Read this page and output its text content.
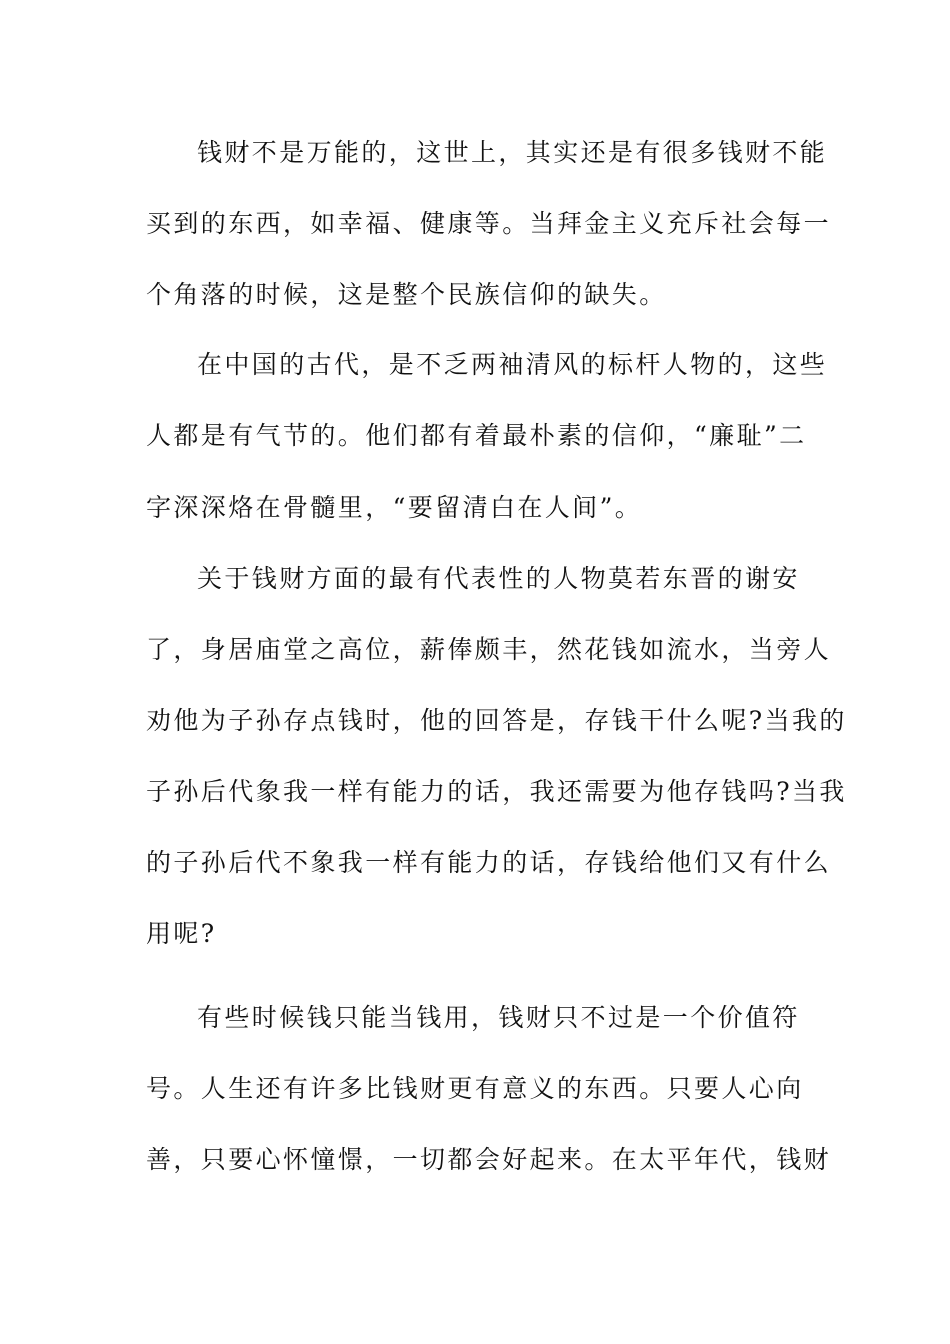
钱财不是万能的，这世上，其实还是有很多钱财不能
买到的东西，如幸福、健康等。当拜金主义充斥社会每一
个角落的时候，这是整个民族信仰的缺失。
在中国的古代，是不乏两袖清风的标杆人物的，这些
人都是有气节的。他们都有着最朴素的信仰，“廉耻”二
字深深烙在骨髓里，“要留清白在人间”。
关于钱财方面的最有代表性的人物莫若东晋的谢安
了，身居庙堂之高位，薪俸颇丰，然花钱如流水，当旁人
劝他为子孙存点钱时，他的回答是，存钱干什么呢?当我的
子孙后代象我一样有能力的话，我还需要为他存钱吗?当我
的子孙后代不象我一样有能力的话，存钱给他们又有什么
用呢?
有些时候钱只能当钱用，钱财只不过是一个价值符
号。人生还有许多比钱财更有意义的东西。只要人心向
善，只要心怀憧憬，一切都会好起来。在太平年代，钱财
